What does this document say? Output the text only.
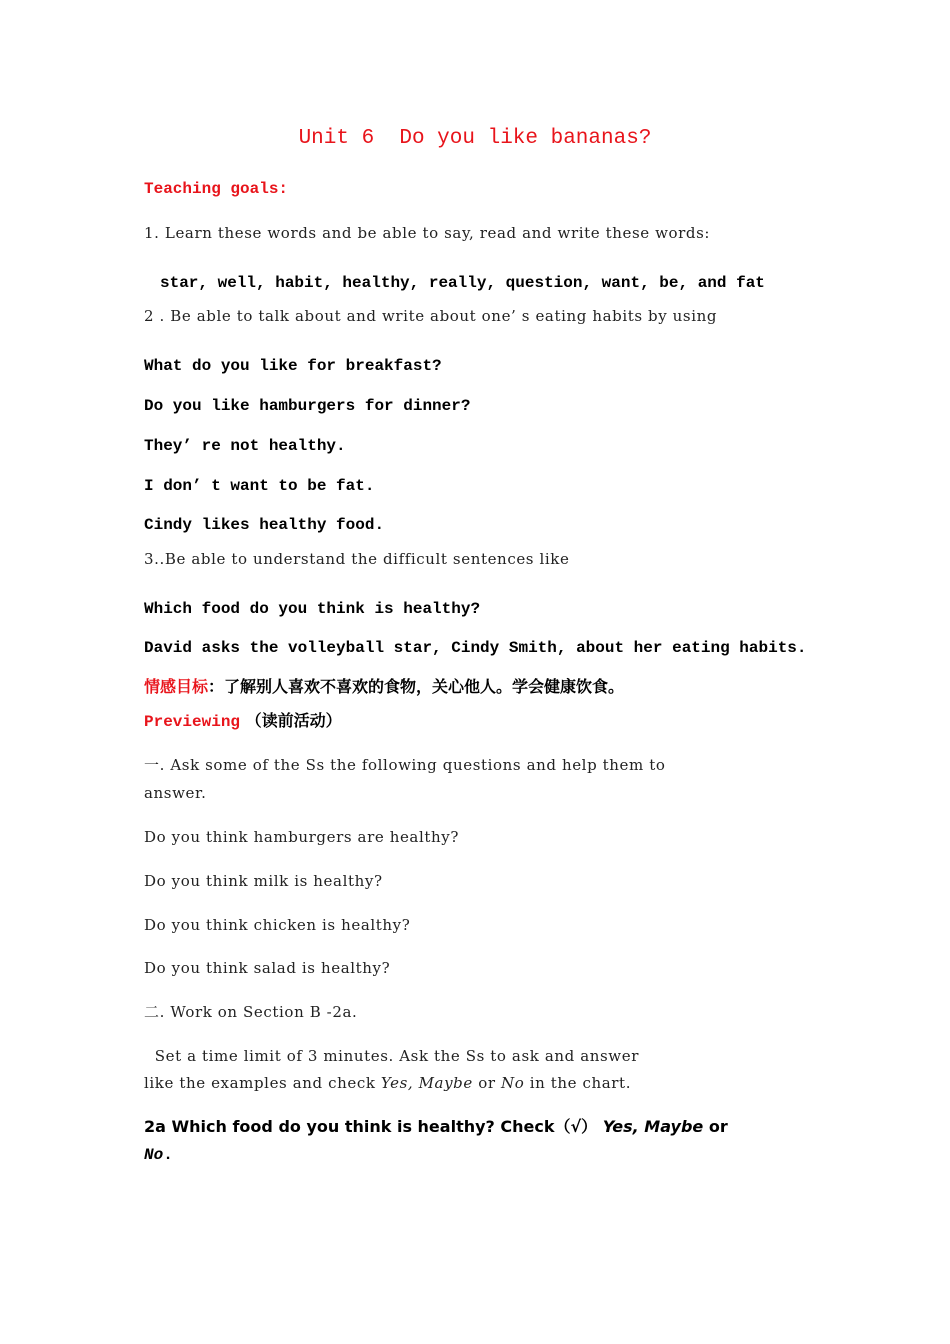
Unit 6  Do you like bananas?
Teaching goals:
1. Learn these words and be able to say, read and write these words:
star, well, habit, healthy, really, question, want, be, and fat
2 . Be able to talk about and write about one’ s eating habits by using
What do you like for breakfast?
Do you like hamburgers for dinner?
They’ re not healthy.
I don’ t want to be fat.
Cindy likes healthy food.
3..Be able to understand the difficult sentences like
Which food do you think is healthy?
David asks the volleyball star, Cindy Smith, about her eating habits.
情感目标：了解别人喜欢不喜欢的食物，关心他人。学会健康饮食。
Previewing （读前活动）
一. Ask some of the Ss the following questions and help them to
answer.
Do you think hamburgers are healthy?
Do you think milk is healthy?
Do you think chicken is healthy?
Do you think salad is healthy?
二. Work on Section B -2a.
Set a time limit of 3 minutes. Ask the Ss to ask and answer
like the examples and check Yes, Maybe or No in the chart.
2a Which food do you think is healthy? Check（√） Yes, Maybe or
No.
